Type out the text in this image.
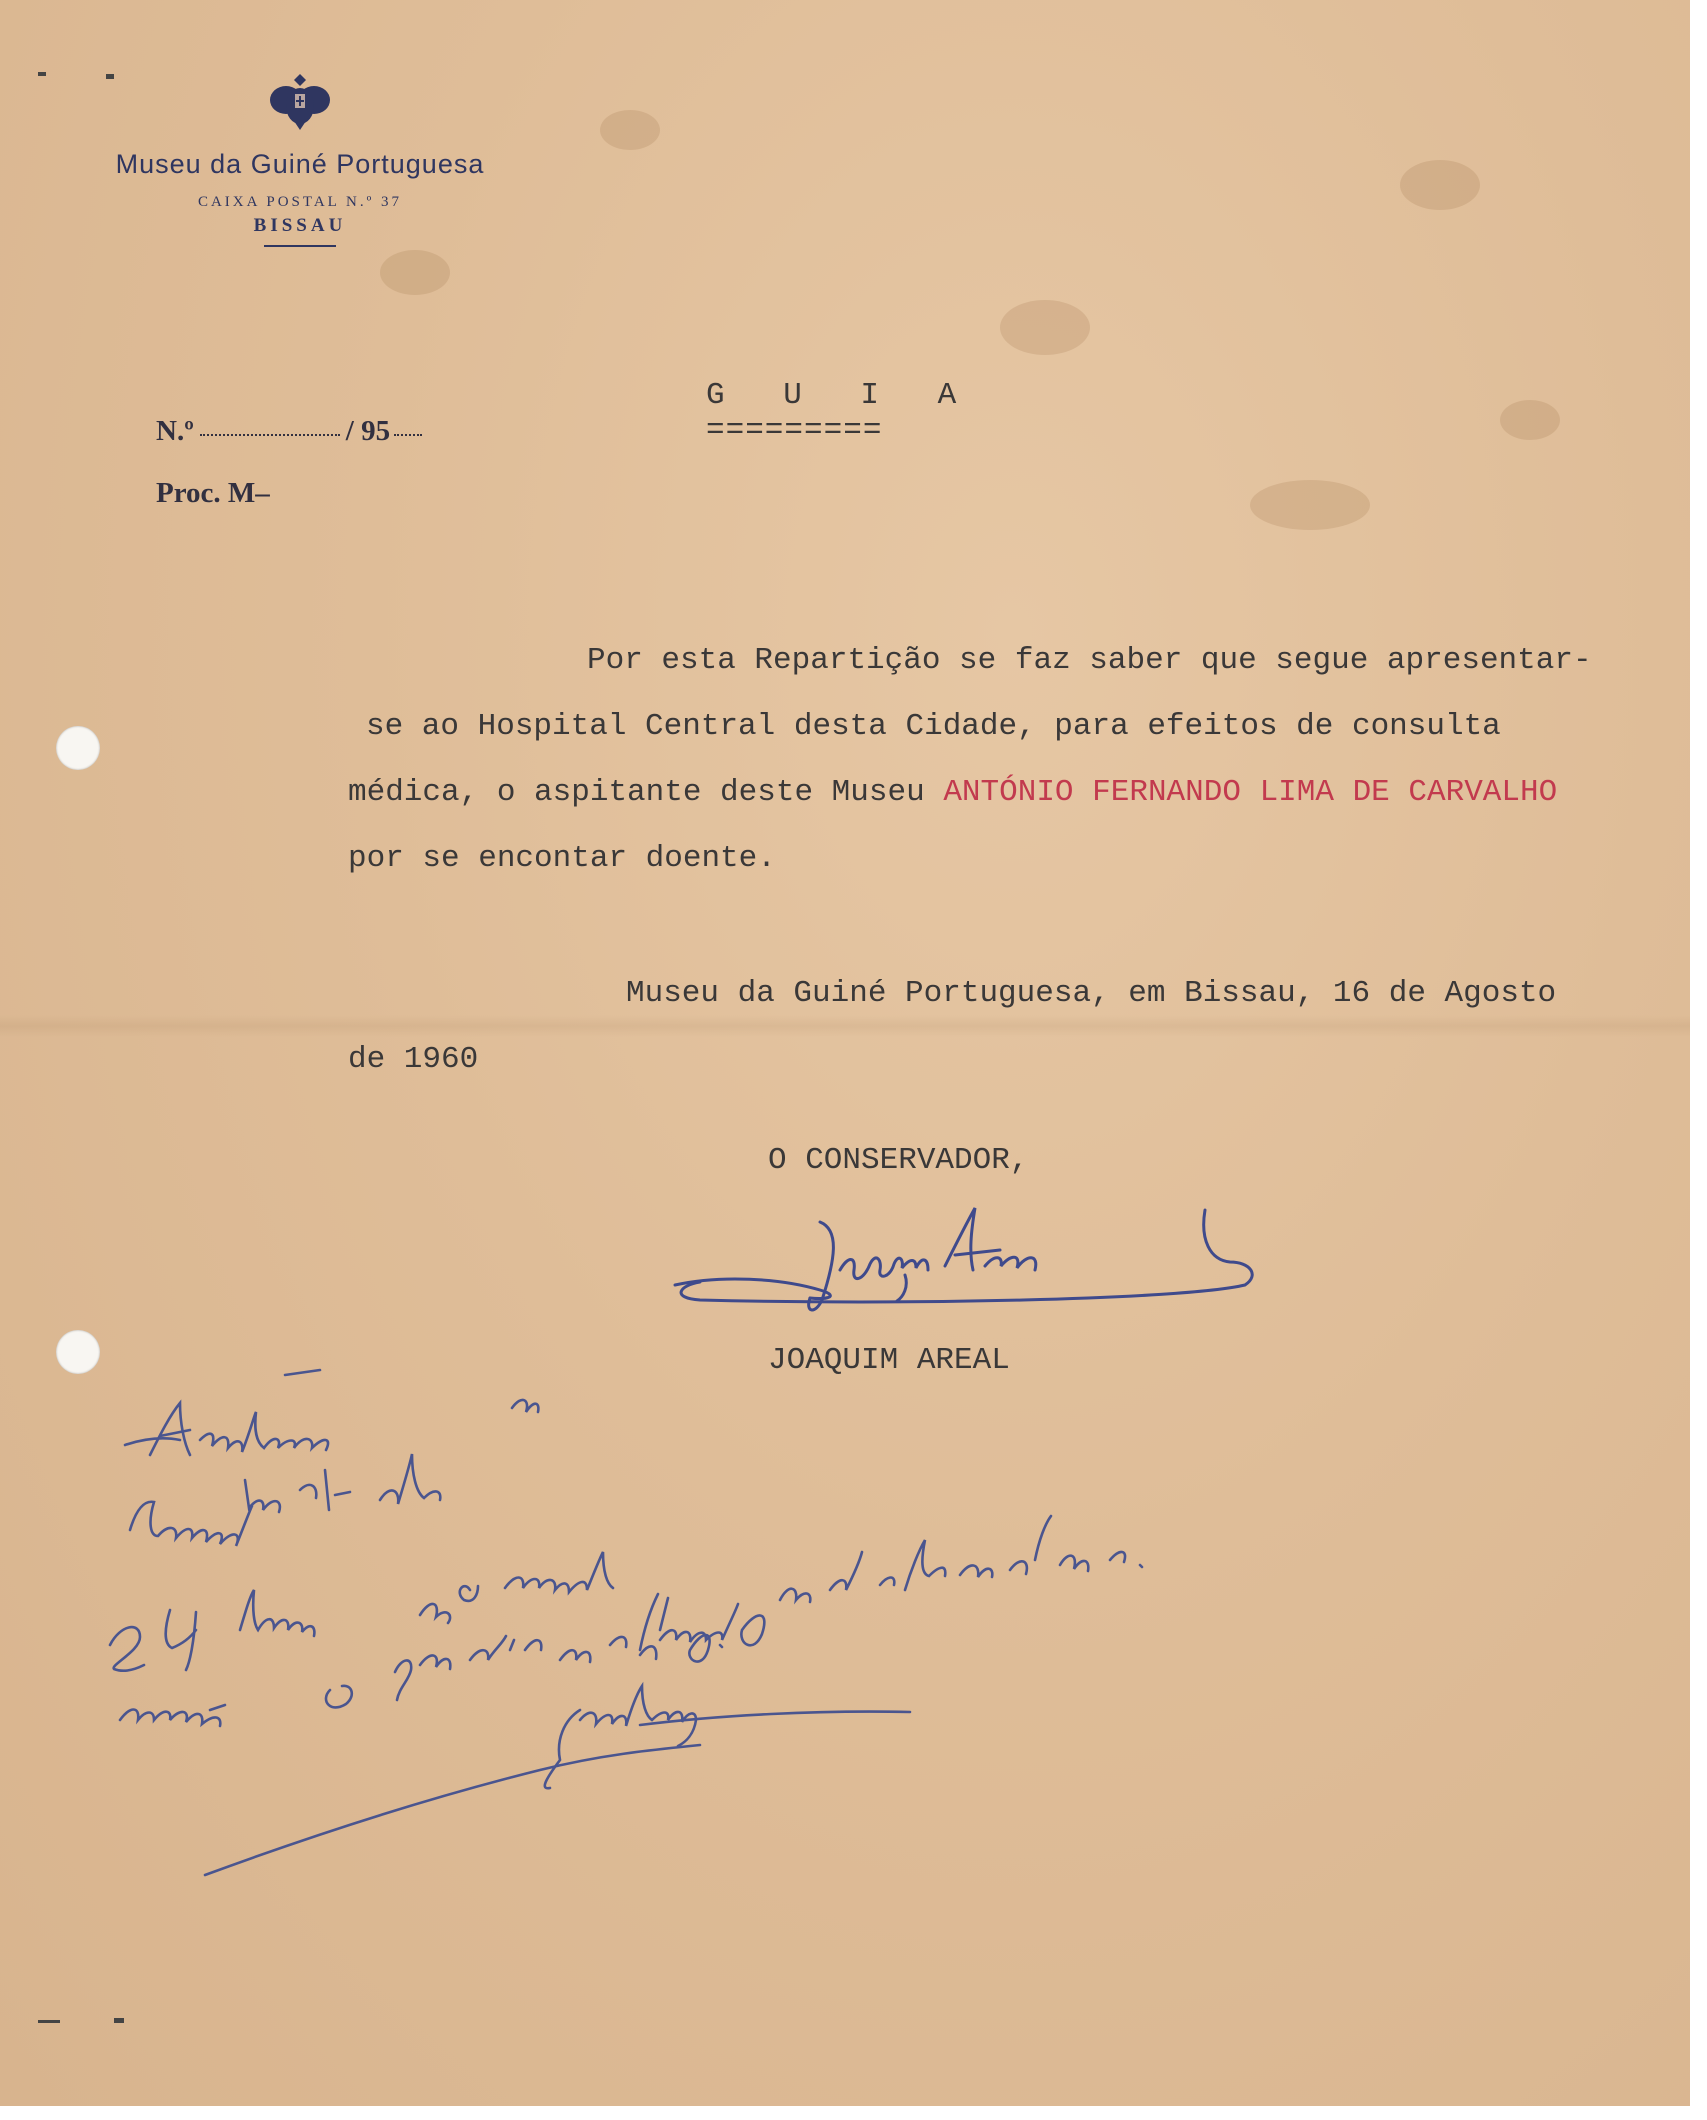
Museu da Guiné Portuguesa
CAIXA POSTAL N.º 37
BISSAU
N.º	/ 95
Proc. M–
G U I A
=========
Por esta Repartição se faz saber que segue apresentar-
se ao Hospital Central desta Cidade, para efeitos de consulta
médica, o aspitante deste Museu ANTÓNIO FERNANDO LIMA DE CARVALHO
por se encontar doente.
Museu da Guiné Portuguesa, em Bissau, 16 de Agosto
de 1960
O CONSERVADOR,
JOAQUIM AREAL
